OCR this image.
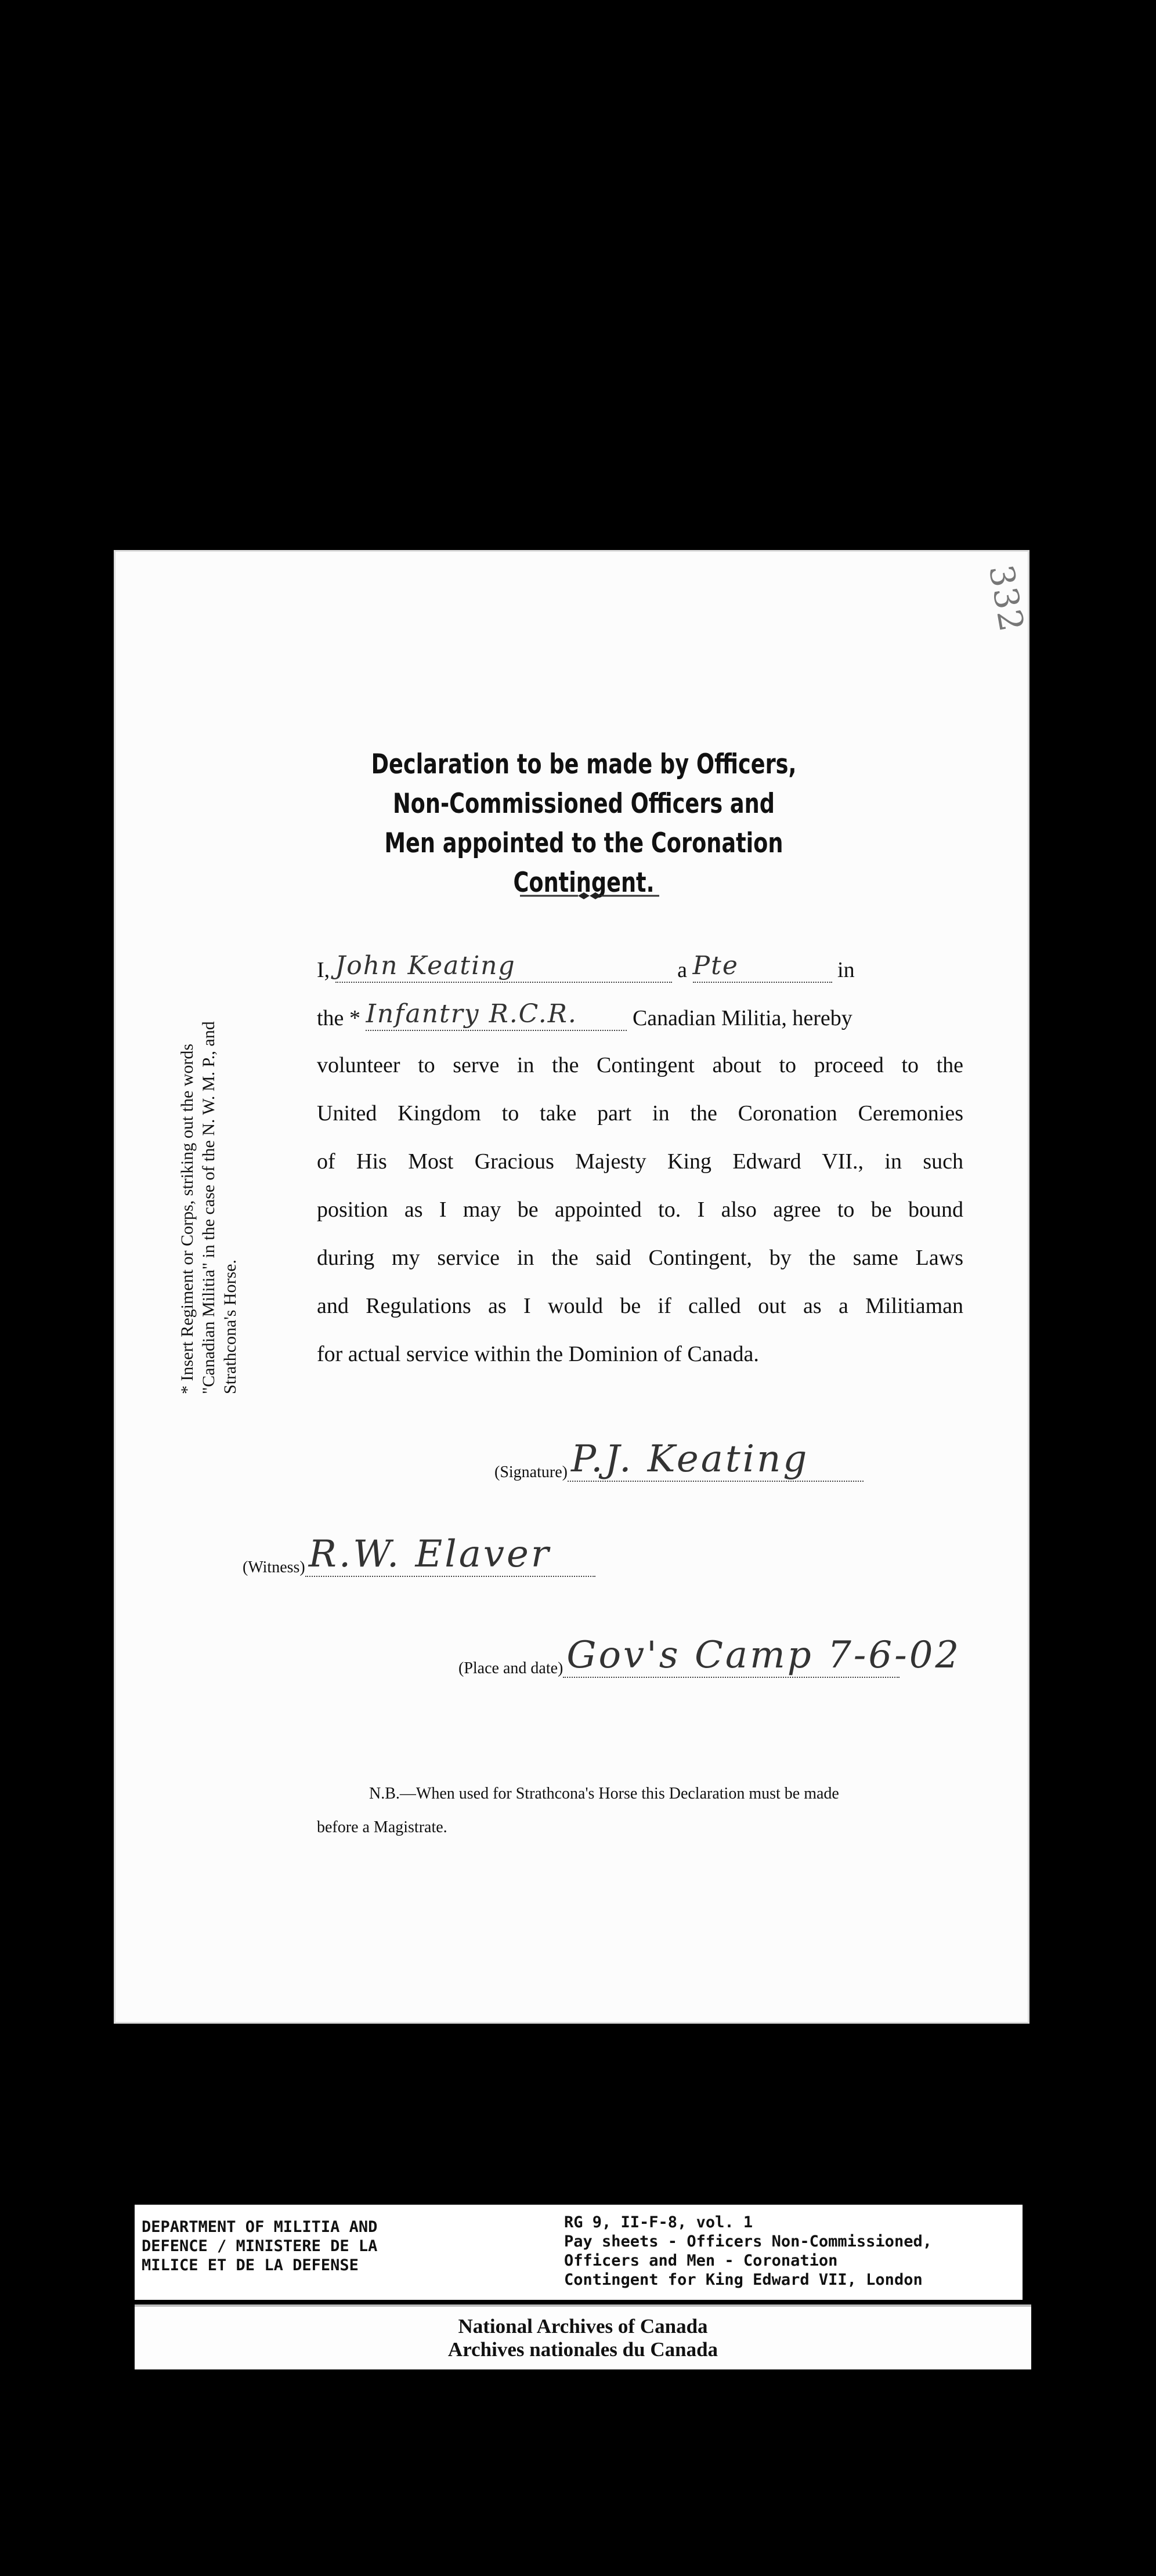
332
Declaration to be made by Officers, Non-Commissioned Officers and
Men appointed to the Coronation Contingent.
* Insert Regiment or Corps, striking out the words "Canadian Militia" in the case of the N. W. M. P., and Strathcona's Horse.
I, John Keating	a Pte	in
the * Infantry R.C.R.	Canadian Militia, hereby
volunteer to serve in the Contingent about to proceed to the
United Kingdom to take part in the Coronation Ceremonies
of His Most Gracious Majesty King Edward VII., in such
position as I may be appointed to. I also agree to be bound
during my service in the said Contingent, by the same Laws
and Regulations as I would be if called out as a Militiaman
for actual service within the Dominion of Canada.
(Signature) P.J. Keating
(Witness) R.W. Elaver
(Place and date) Gov's Camp 7-6-02
N.B.—When used for Strathcona's Horse this Declaration must be made
before a Magistrate.
DEPARTMENT OF MILITIA AND
DEFENCE / MINISTERE DE LA
MILICE ET DE LA DEFENSE
RG 9, II-F-8, vol. 1
Pay sheets - Officers Non-Commissioned,
Officers and Men - Coronation
Contingent for King Edward VII, London
National Archives of Canada
Archives nationales du Canada
